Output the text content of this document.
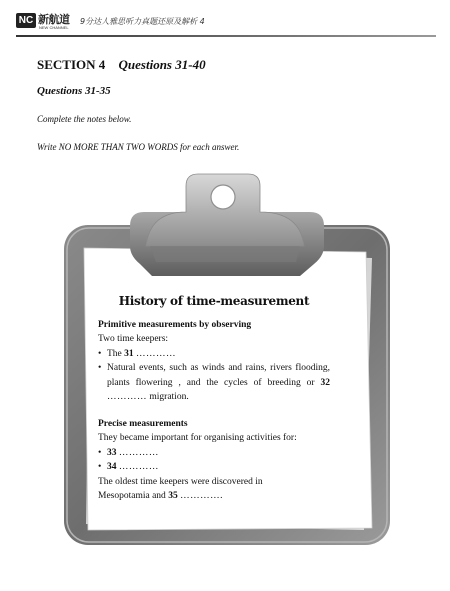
NC 新航道
NEW CHANNEL
9分达人雅思听力真题还原及解析 4
SECTION 4 Questions 31-40
Questions 31-35
Complete the notes below.
Write NO MORE THAN TWO WORDS for each answer.
History of time-measurement
Primitive measurements by observing
Two time keepers:
• The 31 …………
• Natural events, such as winds and rains, rivers flooding, plants flowering , and the cycles of breeding or 32 ………… migration.
Precise measurements
They became important for organising activities for:
• 33 …………
• 34 …………
The oldest time keepers were discovered in
Mesopotamia and 35 ………….
